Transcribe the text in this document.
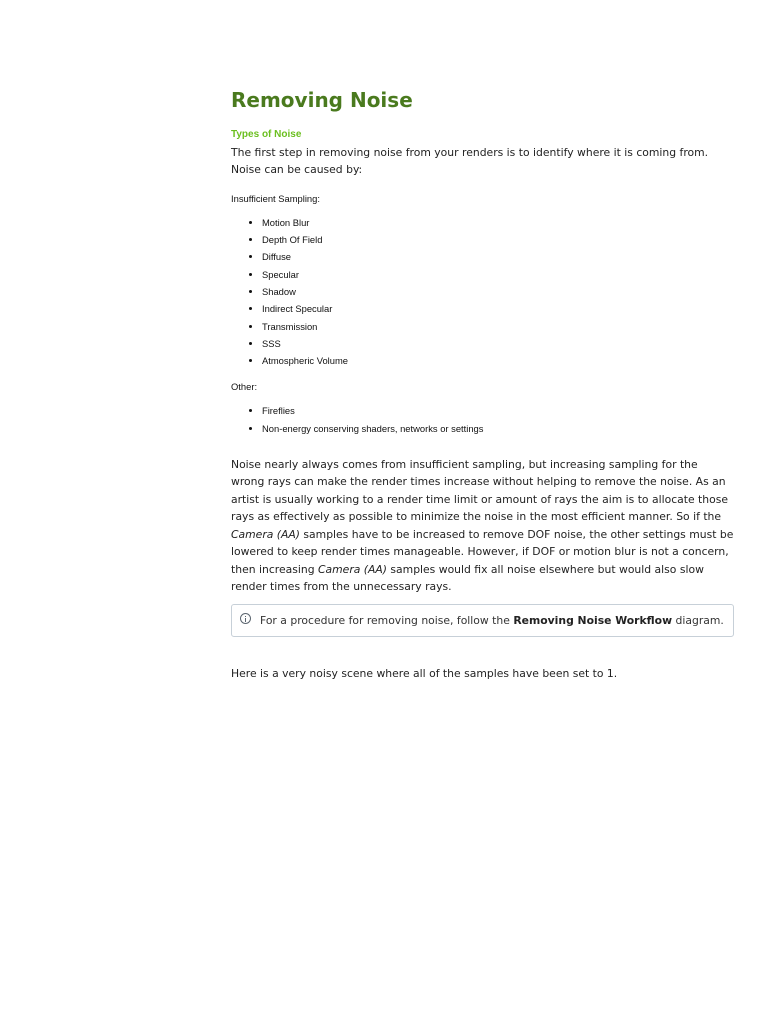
Removing Noise
Types of Noise

The first step in removing noise from your renders is to identify where it is coming from. Noise can be caused by:

Insufficient Sampling:
• Motion Blur
• Depth Of Field
• Diffuse
• Specular
• Shadow
• Indirect Specular
• Transmission
• SSS
• Atmospheric Volume
Other:
• Fireflies
• Non-energy conserving shaders, networks or settings

Noise nearly always comes from insufficient sampling, but increasing sampling for the wrong rays can make the render times increase without helping to remove the noise. As an artist is usually working to a render time limit or amount of rays the aim is to allocate those rays as effectively as possible to minimize the noise in the most efficient manner. So if the Camera (AA) samples have to be increased to remove DOF noise, the other settings must be lowered to keep render times manageable. However, if DOF or motion blur is not a concern, then increasing Camera (AA) samples would fix all noise elsewhere but would also slow render times from the unnecessary rays.

For a procedure for removing noise, follow the Removing Noise Workflow diagram.

Here is a very noisy scene where all of the samples have been set to 1.
